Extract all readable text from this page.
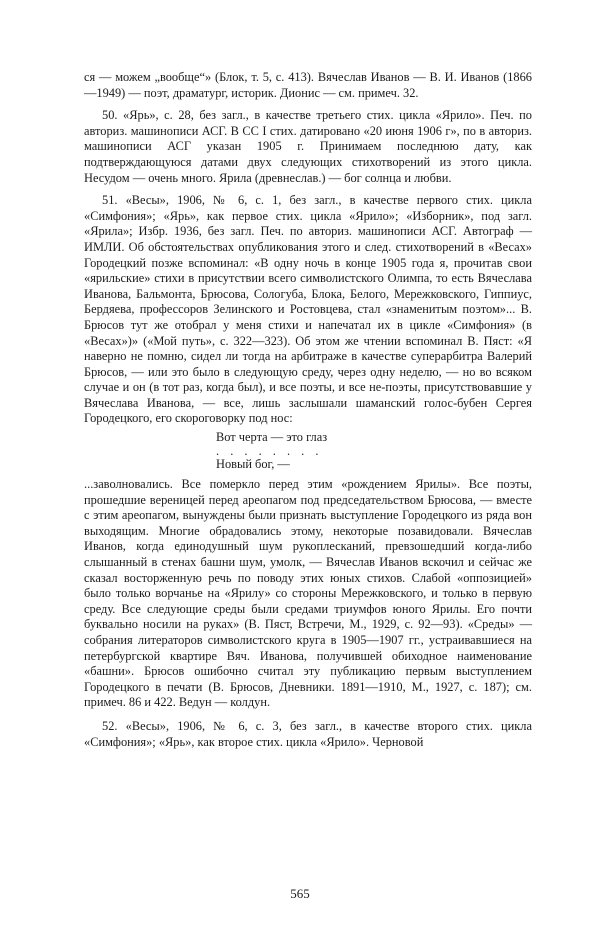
ся — можем „вообще“» (Блок, т. 5, с. 413). Вячеслав Иванов — В. И. Иванов (1866—1949) — поэт, драматург, историк. Дионис — см. примеч. 32.

50. «Ярь», с. 28, без загл., в качестве третьего стих. цикла «Ярило». Печ. по авториз. машинописи АСГ. В СС I стих. датировано «20 июня 1906 г», по в авториз. машинописи АСГ указан 1905 г. Принимаем последнюю дату, как подтверждающуюся датами двух следующих стихотворений из этого цикла. Несудом — очень много. Ярила (древнеслав.) — бог солнца и любви.

51. «Весы», 1906, № 6, с. 1, без загл., в качестве первого стих. цикла «Симфония»; «Ярь», как первое стих. цикла «Ярило»; «Изборник», под загл. «Ярила»; Избр. 1936, без загл. Печ. по авториз. машинописи АСГ. Автограф — ИМЛИ. Об обстоятельствах опубликования этого и след. стихотворений в «Весах» Городецкий позже вспоминал: «В одну ночь в конце 1905 года я, прочитав свои «ярильские» стихи в присутствии всего символистского Олимпа, то есть Вячеслава Иванова, Бальмонта, Брюсова, Сологуба, Блока, Белого, Мережковского, Гиппиус, Бердяева, профессоров Зелинского и Ростовцева, стал «знаменитым поэтом»... В. Брюсов тут же отобрал у меня стихи и напечатал их в цикле «Симфония» (в «Весах»)» («Мой путь», с. 322—323). Об этом же чтении вспоминал В. Пяст: «Я наверно не помню, сидел ли тогда на арбитраже в качестве суперарбитра Валерий Брюсов, — или это было в следующую среду, через одну неделю, — но во всяком случае и он (в тот раз, когда был), и все поэты, и все не-поэты, присутствовавшие у Вячеслава Иванова, — все, лишь заслышали шаманский голос-бубен Сергея Городецкого, его скороговорку под нос:

Вот черта — это глаз
. . . . . . . .
Новый бог, —

...заволновались. Все померкло перед этим «рождением Ярилы». Все поэты, прошедшие вереницей перед ареопагом под председательством Брюсова, — вместе с этим ареопагом, вынуждены были признать выступление Городецкого из ряда вон выходящим. Многие обрадовались этому, некоторые позавидовали. Вячеслав Иванов, когда единодушный шум рукоплесканий, превзошедший когда-либо слышанный в стенах башни шум, умолк, — Вячеслав Иванов вскочил и сейчас же сказал восторженную речь по поводу этих юных стихов. Слабой «оппозицией» было только ворчанье на «Ярилу» со стороны Мережковского, и только в первую среду. Все следующие среды были средами триумфов юного Ярилы. Его почти буквально носили на руках» (В. Пяст, Встречи, М., 1929, с. 92—93). «Среды» — собрания литераторов символистского круга в 1905—1907 гг., устраивавшиеся на петербургской квартире Вяч. Иванова, получившей обиходное наименование «башни». Брюсов ошибочно считал эту публикацию первым выступлением Городецкого в печати (В. Брюсов, Дневники. 1891—1910, М., 1927, с. 187); см. примеч. 86 и 422. Ведун — колдун.

52. «Весы», 1906, № 6, с. 3, без загл., в качестве второго стих. цикла «Симфония»; «Ярь», как второе стих. цикла «Ярило». Черновой

565
